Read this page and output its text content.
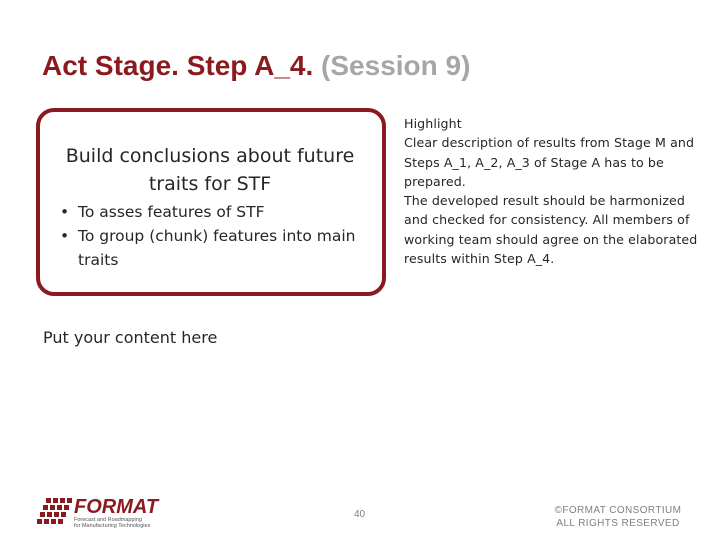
Act Stage. Step A_4. (Session 9)
Build conclusions about future traits for STF
• To asses features of STF
• To group (chunk) features into main traits
Highlight
Clear description of results from Stage M and Steps A_1, A_2, A_3 of Stage A has to be prepared.
The developed result should be harmonized and checked for consistency. All members of working team should agree on the elaborated results within Step A_4.
Put your content here
FORMAT
Forecast and Roadmapping
for Manufacturing Technologies
40	©FORMAT CONSORTIUM
ALL RIGHTS RESERVED
